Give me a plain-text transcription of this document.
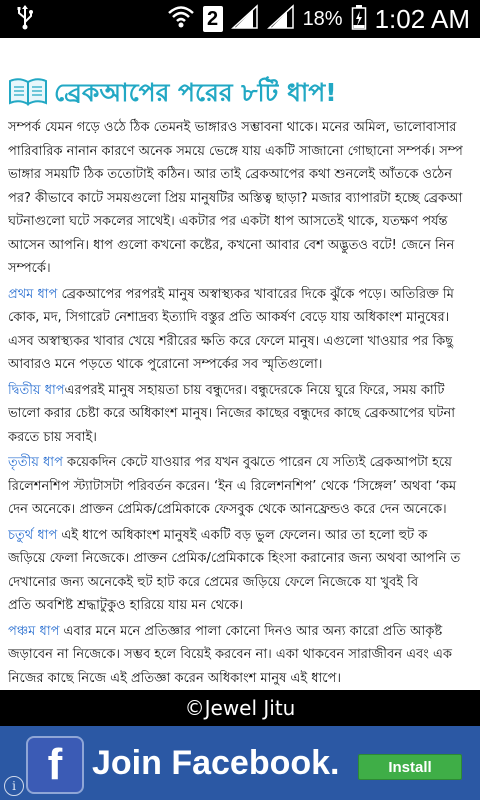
2	18% 1:02 AM
ব্রেকআপের পরের ৮টি ধাপ!
সম্পর্ক যেমন গড়ে ওঠে ঠিক তেমনই ভাঙ্গারও সম্ভাবনা থাকে। মনের অমিল, ভালোবাসার
পারিবারিক নানান কারণে অনেক সময়ে ভেঙ্গে যায় একটি সাজানো গোছানো সম্পর্ক। সম্প
ভাঙ্গার সময়টি ঠিক ততোটাই কঠিন। আর তাই ব্রেকআপের কথা শুনলেই আঁতকে ওঠেন
পর? কীভাবে কাটে সময়গুলো প্রিয় মানুষটির অস্তিত্ব ছাড়া? মজার ব্যাপারটা হচ্ছে ব্রেকআ
ঘটনাগুলো ঘটে সকলের সাথেই। একটার পর একটা ধাপ আসতেই থাকে, যতক্ষণ পর্যন্ত
আসেন আপনি। ধাপ গুলো কখনো কষ্টের, কখনো আবার বেশ অদ্ভুতও বটে! জেনে নিন
সম্পর্কে।
প্রথম ধাপ ব্রেকআপের পরপরই মানুষ অস্বাস্থ্যকর খাবারের দিকে ঝুঁকে পড়ে। অতিরিক্ত মি
কোক, মদ, সিগারেট নেশাদ্রব্য ইত্যাদি বস্তুর প্রতি আকর্ষণ বেড়ে যায় অধিকাংশ মানুষের।
এসব অস্বাস্থ্যকর খাবার খেয়ে শরীরের ক্ষতি করে ফেলে মানুষ। এগুলো খাওয়ার পর কিছু
আবারও মনে পড়তে থাকে পুরোনো সম্পর্কের সব স্মৃতিগুলো।
দ্বিতীয় ধাপএরপরই মানুষ সহায়তা চায় বন্ধুদের। বন্ধুদেরকে নিয়ে ঘুরে ফিরে, সময় কাটি
ভালো করার চেষ্টা করে অধিকাংশ মানুষ। নিজের কাছের বন্ধুদের কাছে ব্রেকআপের ঘটনা
করতে চায় সবাই।
তৃতীয় ধাপ কয়েকদিন কেটে যাওয়ার পর যখন বুঝতে পারেন যে সত্যিই ব্রেকআপটা হয়ে
রিলেশনশিপ স্ট্যাটাসটা পরিবর্তন করেন। ‘ইন এ রিলেশনশিপ’ থেকে ‘সিঙ্গেল’ অথবা ‘কম
দেন অনেকে। প্রাক্তন প্রেমিক/প্রেমিকাকে ফেসবুক থেকে আনফ্রেন্ডও করে দেন অনেকে।
চতুর্থ ধাপ এই ধাপে অধিকাংশ মানুষই একটি বড় ভুল ফেলেন। আর তা হলো হুট ক
জড়িয়ে ফেলা নিজেকে। প্রাক্তন প্রেমিক/প্রেমিকাকে হিংসা করানোর জন্য অথবা আপনি ত
দেখানোর জন্য অনেকেই হুট হাট করে প্রেমের জড়িয়ে ফেলে নিজেকে যা খুবই বি
প্রতি অবশিষ্ট শ্রদ্ধাটুকুও হারিয়ে যায় মন থেকে।
পঞ্চম ধাপ এবার মনে মনে প্রতিজ্ঞার পালা কোনো দিনও আর অন্য কারো প্রতি আকৃষ্ট
জড়াবেন না নিজেকে। সম্ভব হলে বিয়েই করবেন না। একা থাকবেন সারাজীবন এবং এক
নিজের কাছে নিজে এই প্রতিজ্ঞা করেন অধিকাংশ মানুষ এই ধাপে।
©Jewel Jitu
f Join Facebook.	Install
i
